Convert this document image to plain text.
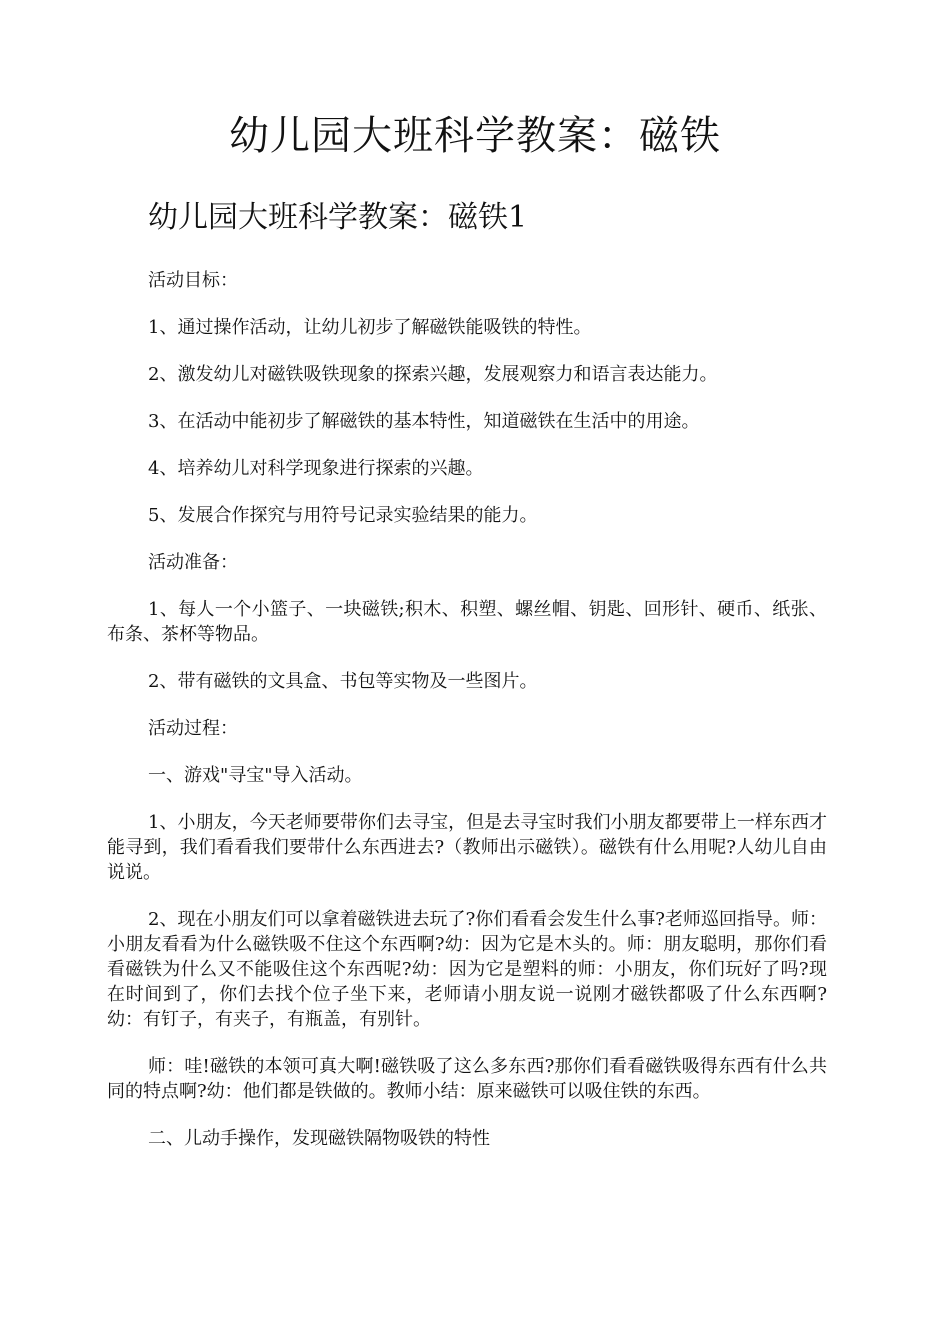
幼儿园大班科学教案：磁铁
幼儿园大班科学教案：磁铁1

活动目标：

1、通过操作活动，让幼儿初步了解磁铁能吸铁的特性。

2、激发幼儿对磁铁吸铁现象的探索兴趣，发展观察力和语言表达能力。

3、在活动中能初步了解磁铁的基本特性，知道磁铁在生活中的用途。

4、培养幼儿对科学现象进行探索的兴趣。

5、发展合作探究与用符号记录实验结果的能力。

活动准备：

1、每人一个小篮子、一块磁铁;积木、积塑、螺丝帽、钥匙、回形针、硬币、纸张、布条、茶杯等物品。

2、带有磁铁的文具盒、书包等实物及一些图片。

活动过程：

一、游戏"寻宝"导入活动。

1、小朋友，今天老师要带你们去寻宝，但是去寻宝时我们小朋友都要带上一样东西才能寻到，我们看看我们要带什么东西进去?（教师出示磁铁）。磁铁有什么用呢?人幼儿自由说说。

2、现在小朋友们可以拿着磁铁进去玩了?你们看看会发生什么事?老师巡回指导。师：小朋友看看为什么磁铁吸不住这个东西啊?幼：因为它是木头的。师：朋友聪明，那你们看看磁铁为什么又不能吸住这个东西呢?幼：因为它是塑料的师：小朋友，你们玩好了吗?现在时间到了，你们去找个位子坐下来，老师请小朋友说一说刚才磁铁都吸了什么东西啊?幼：有钉子，有夹子，有瓶盖，有别针。

师：哇!磁铁的本领可真大啊!磁铁吸了这么多东西?那你们看看磁铁吸得东西有什么共同的特点啊?幼：他们都是铁做的。教师小结：原来磁铁可以吸住铁的东西。

二、儿动手操作，发现磁铁隔物吸铁的特性
